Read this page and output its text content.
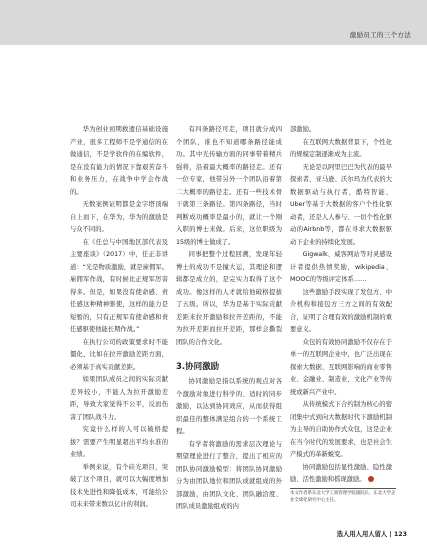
激励员工的三个方法

华为创业初期救遗信基础设施产业，很多工程师不是学通信的在做通信，不是学软件的在编软件，是在没有能力的情况下靠艰苦奋斗和业务压力，在战争中学会作战的。

无数案例证明都是金字塔顶端自上而下，在华为，华为的激励是与众不同的。

在《任总与中国地区部代表及主要座谈》（2017）中，任正非讲道：“光是物质激励，就是雇佣军。雇佣军作战，有时候比正规军厉害得多。但是，如果没有使命感、责任感这种精神驱使，这样的能力是短暂的，只有正规军有使命感和责任感驱使他能长期作战。”

在执行公司的政策要求时不能僵化，比如在拉开激励差距方面，必须基于真实贡献差距。

如果团队成员之间的实际贡献差异较小，不能人为拉开激励差距，导致大家觉得不公平，反而伤害了团队战斗力。

究竟什么样的人可以破格提拔？需要产生明显超出平均水准的业绩。

举例来说，有个硅光项目，突破了这个项目，就可以大幅度增加技术先进性和降低成本，可能给公司未来带来数以亿计的利润。

有四条路径可走，项目就分成四个团队，谁也不知道哪条路径能成功。其中光传输方面的同事带着精兵强将，沿着最大概率的路径走。还有一位专家，他带另外一个团队沿着第二大概率的路径走。还有一些技术骨干就第三条路径。第四条路径，当时判断成功概率是最小的，就让一个刚入职的博士来做。后来，这位职级为15级的博士做成了。

同事把整个过程回溯，发现年轻博士的成功不是撞大运，其理论和逻辑都是成立的，是完实力取得了这个成功。像这样的人才就给他破格提拔了五级。所以，华为是基于实际贡献差距来拉开激励和拉开差距的，不能为拉开差距而拉开差距，那样会撕裂团队的合作文化。

3.协同激励

协同激励是指以系统的观点对各个激励对象进行科学的、适时的同步激励，以达到协同效应，从而获得组织最佳的整体满足组合的一个系统工程。

有学者将激励的需求层次理论与期望理论进行了整合，提出了相应的团队协同激励模型：将团队协同激励分为由团队地位和团队成就组成的外部激励，由团队文化、团队融洽度、团队成员激励组成的内

部激励。

在互联网大数据背景下，个性化的规模定制逐渐成为主流。

无论是以阿里巴巴为代表的最早探索者，亚马逊、沃尔玛为代表的大数据驱动与执行者，酷特智能、Uber等基于大数据的客户个性化驱动者，还是人人参与、一切个性化驱动的Airbnb等，都在寻求大数据驱动下企业的持续化发展。

Gigwalk、威客网站等对灵感设计者提供热情奖励，wikipedia、MOOC的等级评定体系……

这些激励手段实现了发包方、中介机构和接包方三方之间的有效配合，证明了合理有效的激励机制的重要意义。

众包的有效协同激励不仅存在于单一的互联网企业中，也广泛出现在探索大数据、互联网影响的商业零售业、金融业、制造业、文化产业等传统或新兴产业中。

从传统模式下合约制为核心的密闭集中式到向大数据时代下激励机制为主导的自助协作式众包，这是企业在当今时代的发展要求，也是社会生产模式的革新蜕变。

协同激励包括显性激励、隐性激励、活性激励和摇现激励。

本文作者系东北大学工商管理学院副院长、东北大学企业全球化研究中心主任。
选人用人用人留人 | 123
